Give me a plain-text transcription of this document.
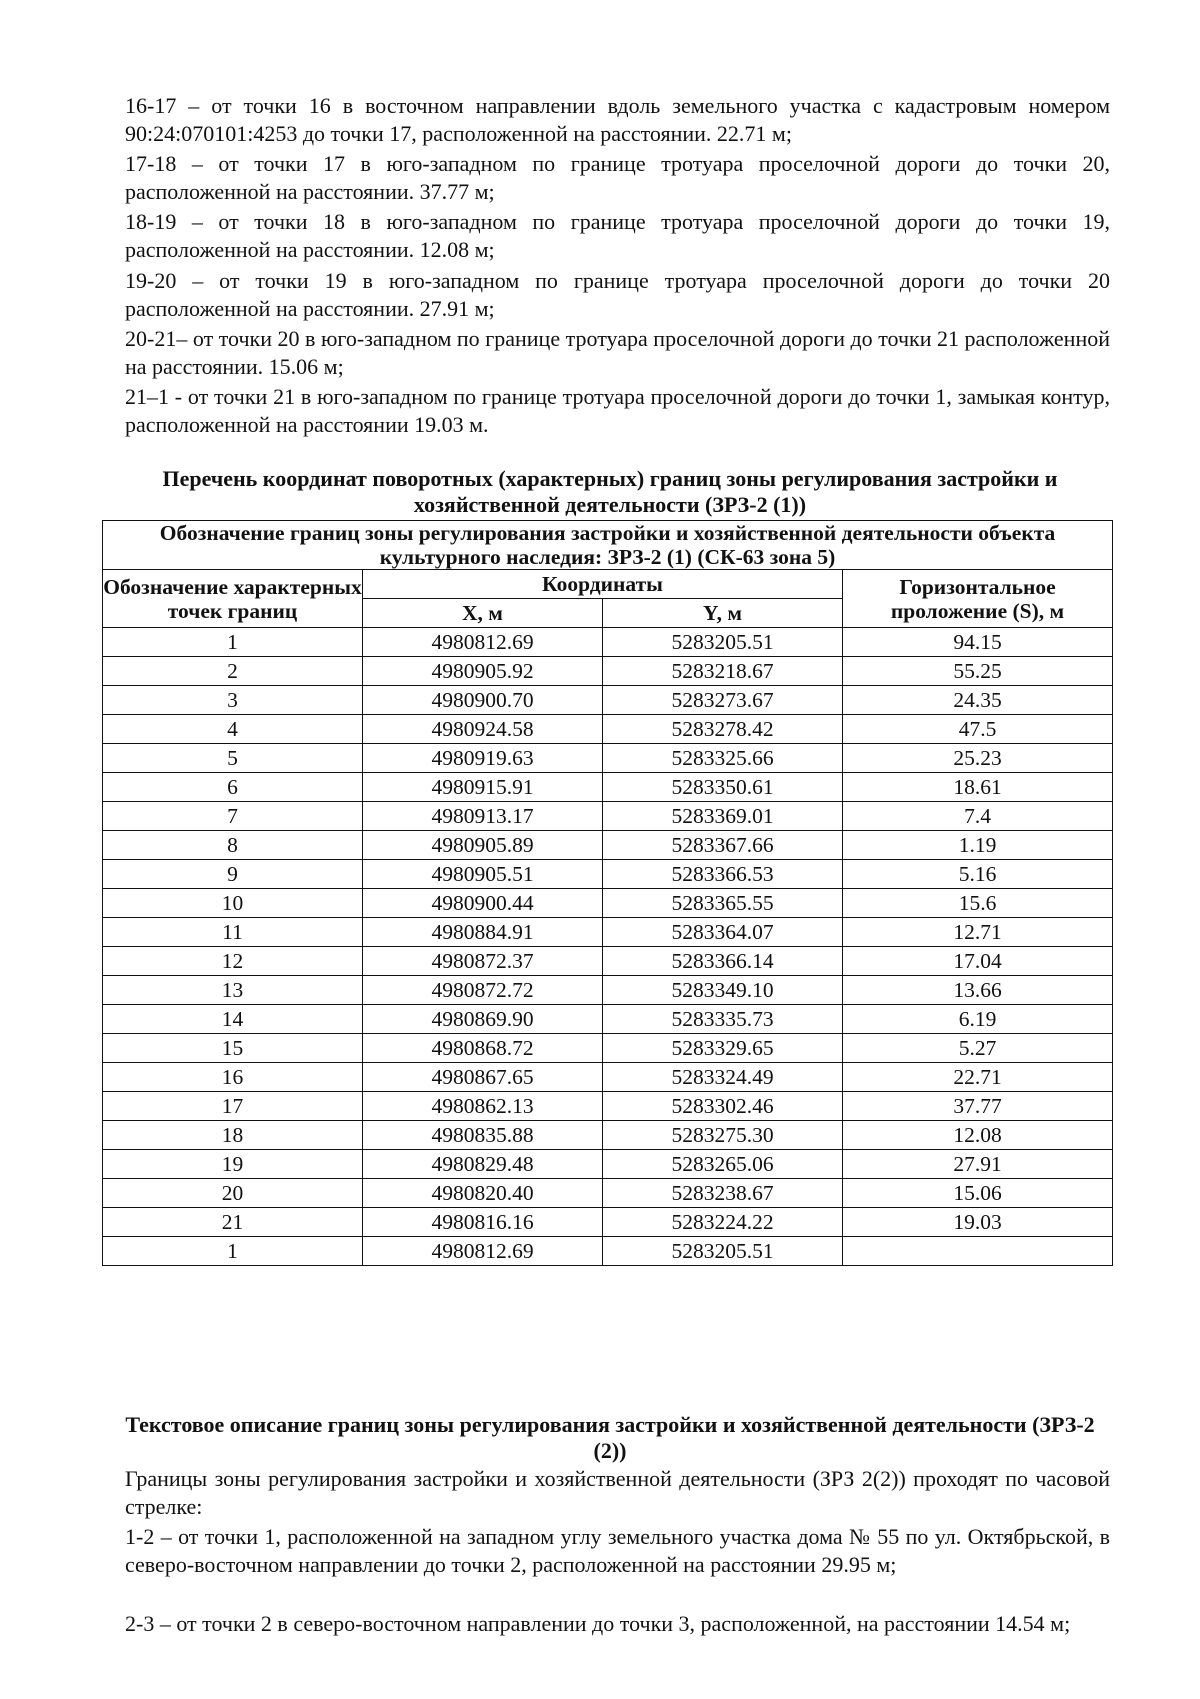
16-17 – от точки 16 в восточном направлении вдоль земельного участка с кадастровым номером 90:24:070101:4253 до точки 17, расположенной на расстоянии. 22.71 м;

17-18 – от точки 17 в юго-западном по границе тротуара проселочной дороги до точки 20, расположенной на расстоянии. 37.77 м;

18-19 – от точки 18 в юго-западном по границе тротуара проселочной дороги до точки 19, расположенной на расстоянии. 12.08 м;

19-20 – от точки 19 в юго-западном по границе тротуара проселочной дороги до точки 20 расположенной на расстоянии. 27.91 м;

20-21– от точки 20 в юго-западном по границе тротуара проселочной дороги до точки 21 расположенной на расстоянии. 15.06 м;

21–1 - от точки 21 в юго-западном по границе тротуара проселочной дороги до точки 1, замыкая контур, расположенной на расстоянии 19.03 м.

Перечень координат поворотных (характерных) границ зоны регулирования застройки и хозяйственной деятельности (ЗРЗ-2 (1))

Обозначение границ зоны регулирования застройки и хозяйственной деятельности объекта культурного наследия: ЗРЗ-2 (1) (СК-63 зона 5)			
Обозначение характерных точек границ	Координаты		Горизонтальное проложение (S), м
	X, м	Y, м	
1	4980812.69	5283205.51	94.15
2	4980905.92	5283218.67	55.25
3	4980900.70	5283273.67	24.35
4	4980924.58	5283278.42	47.5
5	4980919.63	5283325.66	25.23
6	4980915.91	5283350.61	18.61
7	4980913.17	5283369.01	7.4
8	4980905.89	5283367.66	1.19
9	4980905.51	5283366.53	5.16
10	4980900.44	5283365.55	15.6
11	4980884.91	5283364.07	12.71
12	4980872.37	5283366.14	17.04
13	4980872.72	5283349.10	13.66
14	4980869.90	5283335.73	6.19
15	4980868.72	5283329.65	5.27
16	4980867.65	5283324.49	22.71
17	4980862.13	5283302.46	37.77
18	4980835.88	5283275.30	12.08
19	4980829.48	5283265.06	27.91
20	4980820.40	5283238.67	15.06
21	4980816.16	5283224.22	19.03
1	4980812.69	5283205.51	

Текстовое описание границ зоны регулирования застройки и хозяйственной деятельности (ЗРЗ-2 (2))

Границы зоны регулирования застройки и хозяйственной деятельности (ЗРЗ 2(2)) проходят по часовой стрелке:

1-2 – от точки 1, расположенной на западном углу земельного участка дома № 55 по ул. Октябрьской, в северо-восточном направлении до точки 2, расположенной на расстоянии 29.95 м;

2-3 – от точки 2 в северо-восточном направлении до точки 3, расположенной, на расстоянии 14.54 м;
